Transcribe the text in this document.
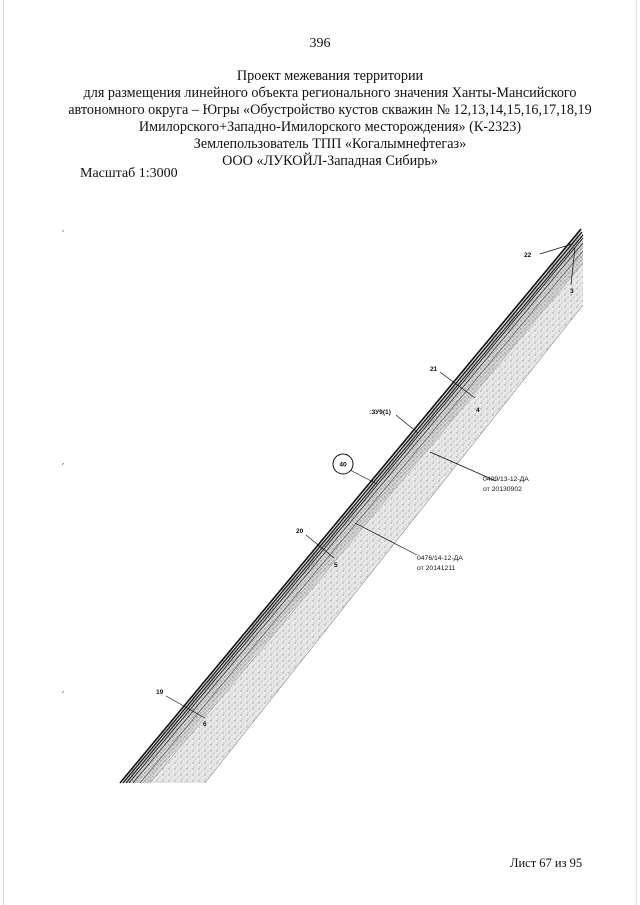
396
Проект межевания территории
для размещения линейного объекта регионального значения Ханты-Мансийского
автономного округа – Югры «Обустройство кустов скважин № 12,13,14,15,16,17,18,19
Имилорского+Западно-Имилорского месторождения» (К-2323)
Землепользователь ТПП «Когалымнефтегаз»
ООО «ЛУКОЙЛ-Западная Сибирь»
Масштаб 1:3000
22
3
21
4
20
5
19
6
:ЗУ9(1)
40
0409/13-12-ДА
от 20130902
0476/14-12-ДА
от 20141211
Лист 67 из 95
